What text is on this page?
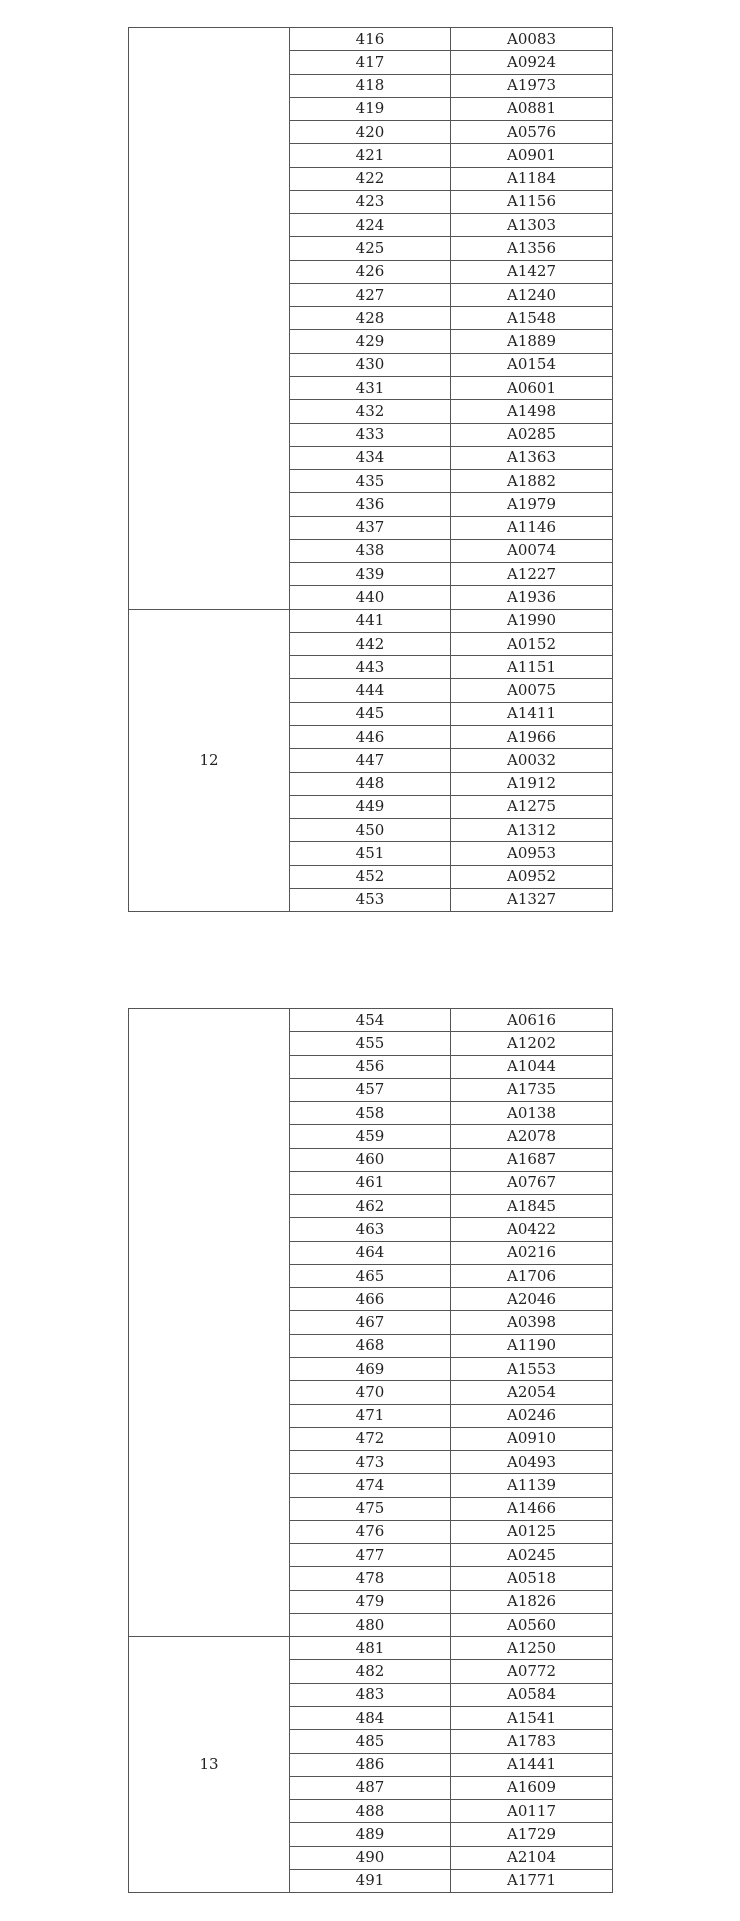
	416	A0083
	417	A0924
	418	A1973
	419	A0881
	420	A0576
	421	A0901
	422	A1184
	423	A1156
	424	A1303
	425	A1356
	426	A1427
	427	A1240
	428	A1548
	429	A1889
	430	A0154
	431	A0601
	432	A1498
	433	A0285
	434	A1363
	435	A1882
	436	A1979
	437	A1146
	438	A0074
	439	A1227
	440	A1936
12	441	A1990
	442	A0152
	443	A1151
	444	A0075
	445	A1411
	446	A1966
	447	A0032
	448	A1912
	449	A1275
	450	A1312
	451	A0953
	452	A0952
	453	A1327
	454	A0616
	455	A1202
	456	A1044
	457	A1735
	458	A0138
	459	A2078
	460	A1687
	461	A0767
	462	A1845
	463	A0422
	464	A0216
	465	A1706
	466	A2046
	467	A0398
	468	A1190
	469	A1553
	470	A2054
	471	A0246
	472	A0910
	473	A0493
	474	A1139
	475	A1466
	476	A0125
	477	A0245
	478	A0518
	479	A1826
	480	A0560
13	481	A1250
	482	A0772
	483	A0584
	484	A1541
	485	A1783
	486	A1441
	487	A1609
	488	A0117
	489	A1729
	490	A2104
	491	A1771
